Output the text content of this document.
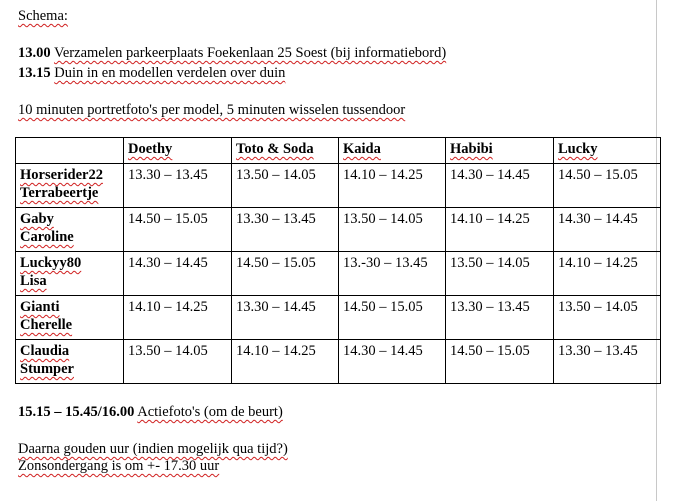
Schema:
13.00 Verzamelen parkeerplaats Foekenlaan 25 Soest (bij informatiebord)
13.15 Duin in en modellen verdelen over duin
10 minuten portretfoto's per model, 5 minuten wisselen tussendoor
	Doethy	Toto & Soda	Kaida	Habibi	Lucky

Horserider22
Terrabeertje	13.30 – 13.45	13.50 – 14.05	14.10 – 14.25	14.30 – 14.45	14.50 – 15.05

Gaby
Caroline	14.50 – 15.05	13.30 – 13.45	13.50 – 14.05	14.10 – 14.25	14.30 – 14.45

Luckyy80
Lisa	14.30 – 14.45	14.50 – 15.05	13.-30 – 13.45	13.50 – 14.05	14.10 – 14.25

Gianti
Cherelle	14.10 – 14.25	13.30 – 14.45	14.50 – 15.05	13.30 – 13.45	13.50 – 14.05

Claudia
Stumper	13.50 – 14.05	14.10 – 14.25	14.30 – 14.45	14.50 – 15.05	13.30 – 13.45
15.15 – 15.45/16.00 Actiefoto's (om de beurt)
Daarna gouden uur (indien mogelijk qua tijd?)
Zonsondergang is om +- 17.30 uur
